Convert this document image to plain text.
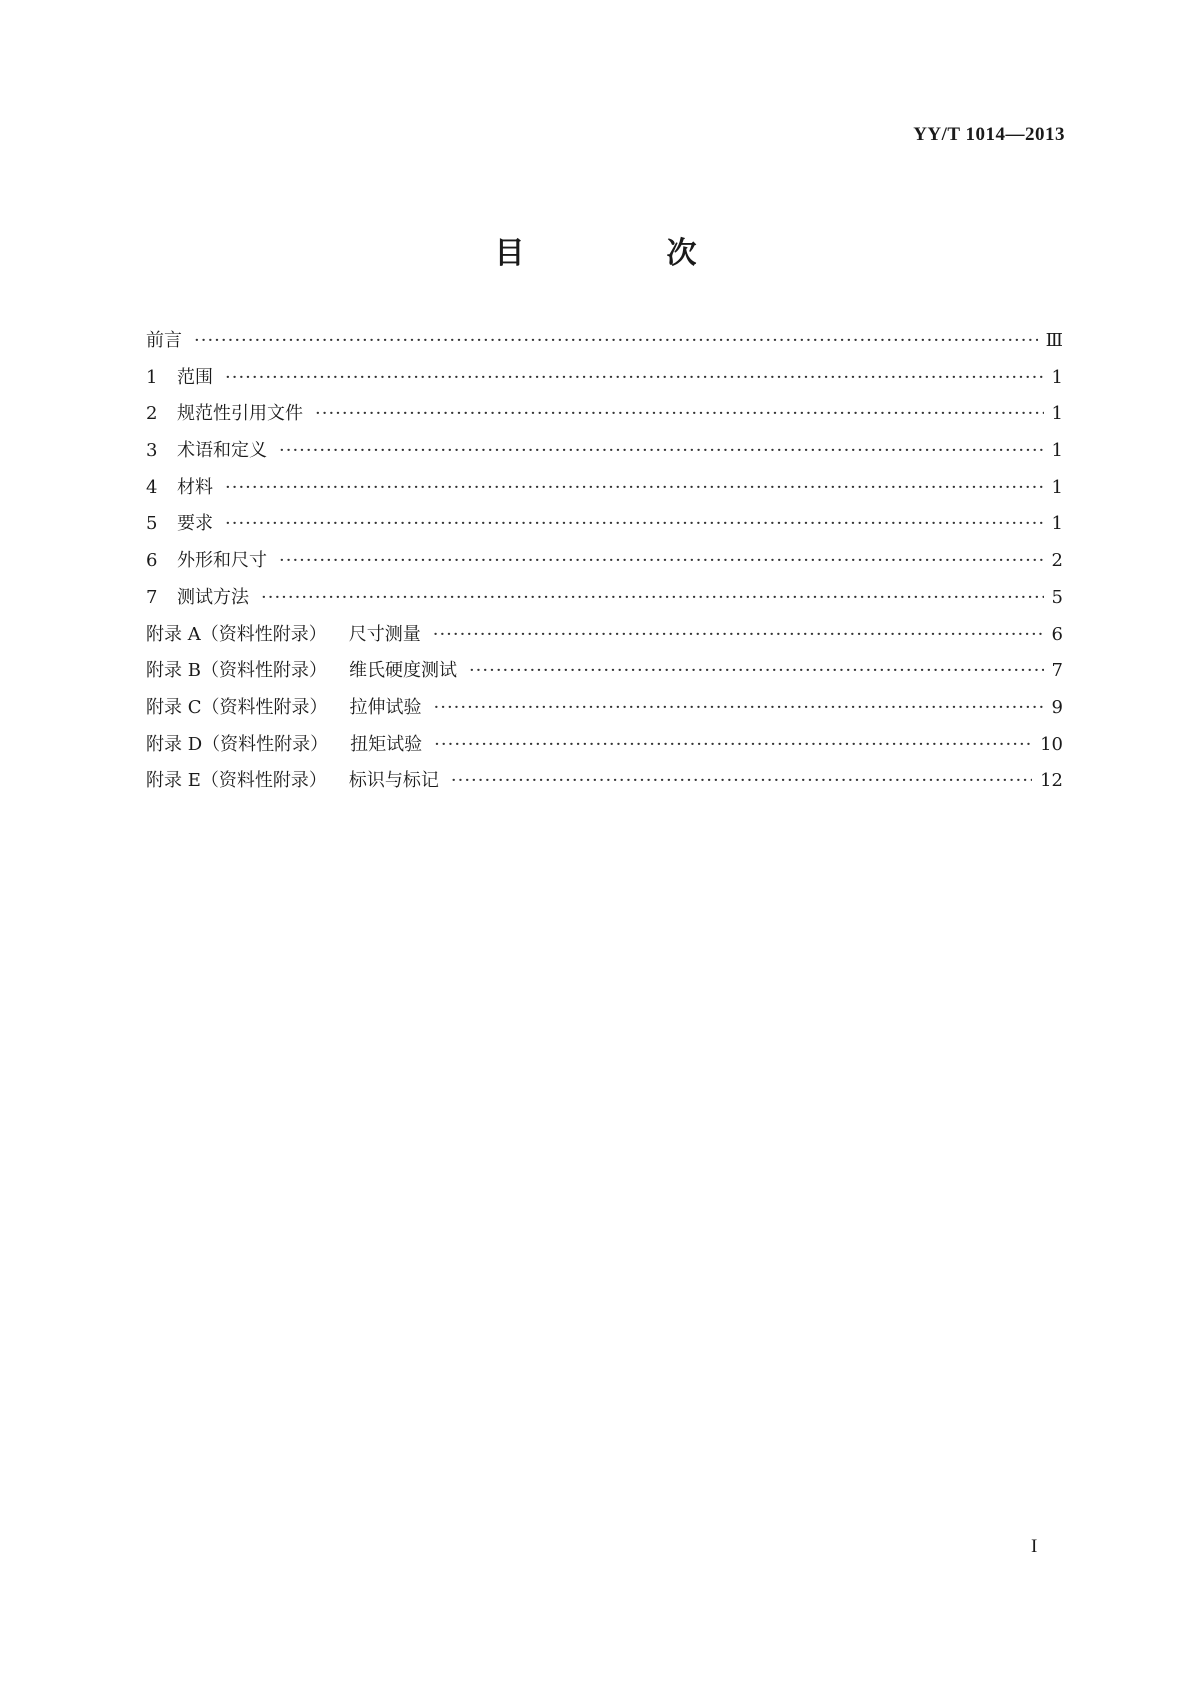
YY/T 1014—2013
目　次
前言 ·····	Ⅲ
1	范围 ·····	1
2	规范性引用文件 ·····	1
3	术语和定义 ·····	1
4	材料 ·····	1
5	要求 ·····	1
6	外形和尺寸 ·····	2
7	测试方法 ·····	5
附录 A（资料性附录） 尺寸测量 ·····	6
附录 B（资料性附录） 维氏硬度测试 ·····	7
附录 C（资料性附录） 拉伸试验 ·····	9
附录 D（资料性附录） 扭矩试验 ·····	10
附录 E（资料性附录） 标识与标记 ·····	12
I
